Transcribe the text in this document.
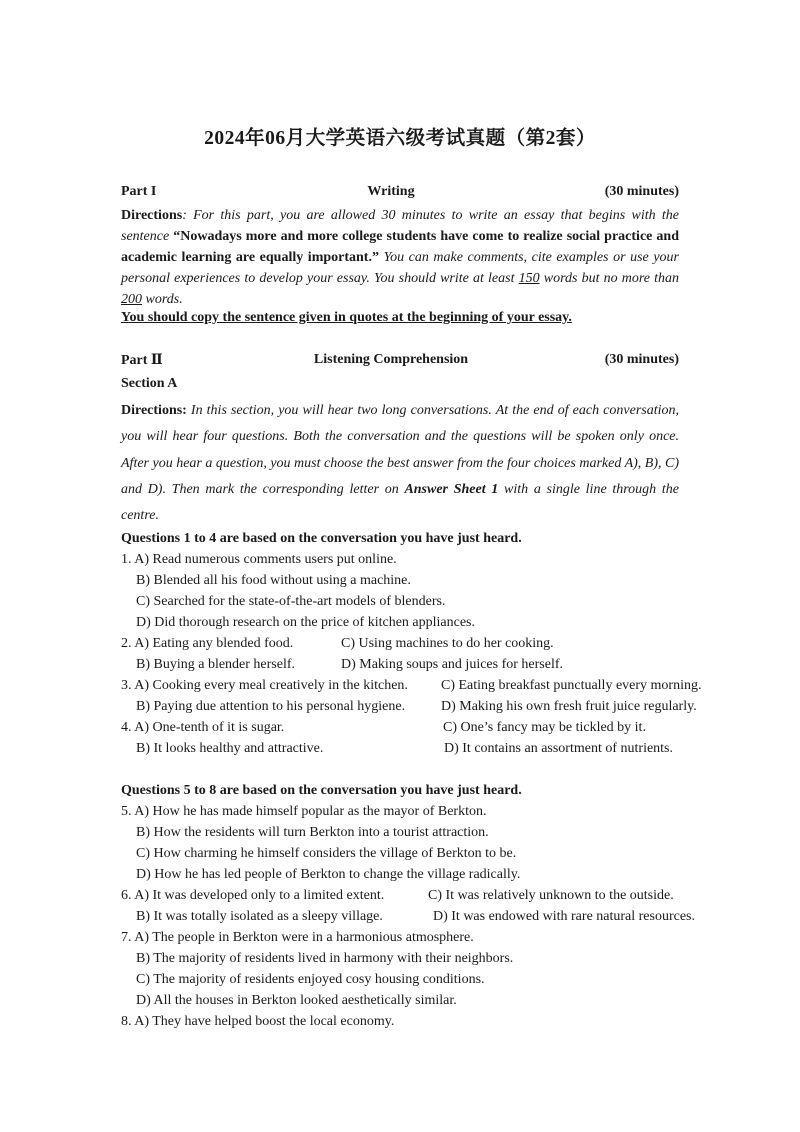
2024年06月大学英语六级考试真题（第2套）
Part I	Writing	(30 minutes)
Directions: For this part, you are allowed 30 minutes to write an essay that begins with the sentence “Nowadays more and more college students have come to realize social practice and academic learning are equally important.” You can make comments, cite examples or use your personal experiences to develop your essay. You should write at least 150 words but no more than 200 words.
You should copy the sentence given in quotes at the beginning of your essay.
Part Ⅱ	Listening Comprehension	(30 minutes)
Section A
Directions: In this section, you will hear two long conversations. At the end of each conversation, you will hear four questions. Both the conversation and the questions will be spoken only once. After you hear a question, you must choose the best answer from the four choices marked A), B), C) and D). Then mark the corresponding letter on Answer Sheet 1 with a single line through the centre.
Questions 1 to 4 are based on the conversation you have just heard.
1. A) Read numerous comments users put online.
B) Blended all his food without using a machine.
C) Searched for the state-of-the-art models of blenders.
D) Did thorough research on the price of kitchen appliances.
2. A) Eating any blended food.	C) Using machines to do her cooking.
B) Buying a blender herself.	D) Making soups and juices for herself.
3. A) Cooking every meal creatively in the kitchen. C) Eating breakfast punctually every morning.
B) Paying due attention to his personal hygiene.	D) Making his own fresh fruit juice regularly.
4. A) One-tenth of it is sugar.	C) One’s fancy may be tickled by it.
B) It looks healthy and attractive.	D) It contains an assortment of nutrients.
Questions 5 to 8 are based on the conversation you have just heard.
5. A) How he has made himself popular as the mayor of Berkton.
B) How the residents will turn Berkton into a tourist attraction.
C) How charming he himself considers the village of Berkton to be.
D) How he has led people of Berkton to change the village radically.
6. A) It was developed only to a limited extent.	C) It was relatively unknown to the outside.
B) It was totally isolated as a sleepy village.	D) It was endowed with rare natural resources.
7. A) The people in Berkton were in a harmonious atmosphere.
B) The majority of residents lived in harmony with their neighbors.
C) The majority of residents enjoyed cosy housing conditions.
D) All the houses in Berkton looked aesthetically similar.
8. A) They have helped boost the local economy.
